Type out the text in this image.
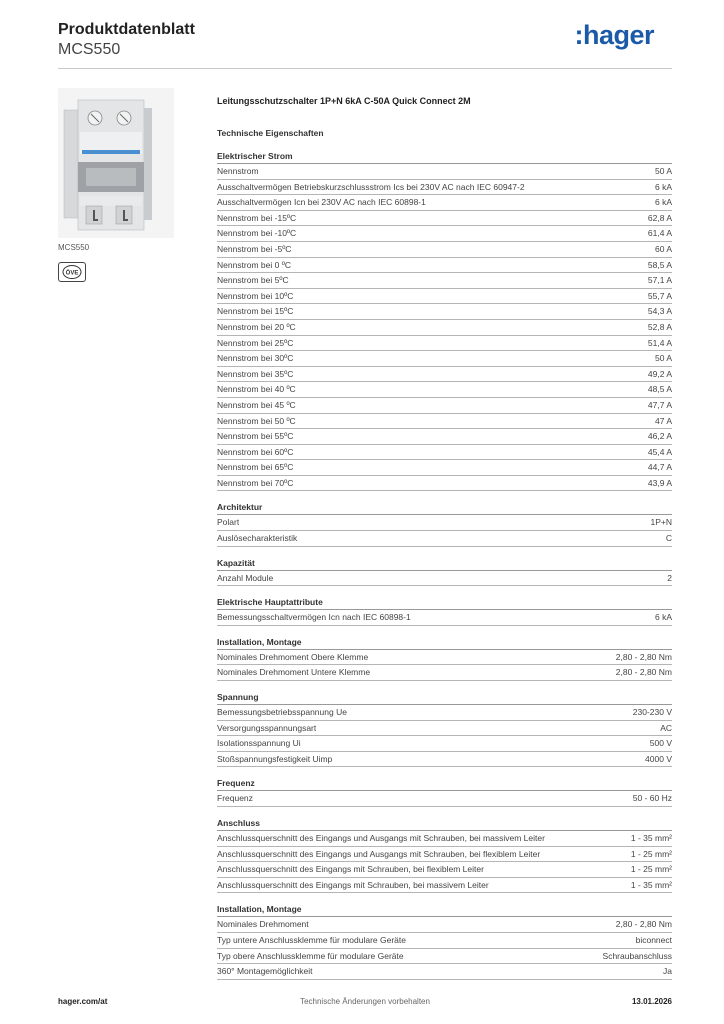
Produktdatenblatt
MCS550	:hager
MCS550
ÖVE
Leitungsschutzschalter 1P+N 6kA C-50A Quick Connect 2M
Technische Eigenschaften
Elektrischer Strom
Nennstrom	50 A
Ausschaltvermögen Betriebskurzschlussstrom Ics bei 230V AC nach IEC 60947-2	6 kA
Ausschaltvermögen Icn bei 230V AC nach IEC 60898-1	6 kA
Nennstrom bei -15ºC	62,8 A
Nennstrom bei -10ºC	61,4 A
Nennstrom bei -5ºC	60 A
Nennstrom bei 0 ºC	58,5 A
Nennstrom bei 5ºC	57,1 A
Nennstrom bei 10ºC	55,7 A
Nennstrom bei 15ºC	54,3 A
Nennstrom bei 20 ºC	52,8 A
Nennstrom bei 25ºC	51,4 A
Nennstrom bei 30ºC	50 A
Nennstrom bei 35ºC	49,2 A
Nennstrom bei 40 ºC	48,5 A
Nennstrom bei 45 ºC	47,7 A
Nennstrom bei 50 ºC	47 A
Nennstrom bei 55ºC	46,2 A
Nennstrom bei 60ºC	45,4 A
Nennstrom bei 65ºC	44,7 A
Nennstrom bei 70ºC	43,9 A
Architektur
Polart	1P+N
Auslösecharakteristik	C
Kapazität
Anzahl Module	2
Elektrische Hauptattribute
Bemessungsschaltvermögen Icn nach IEC 60898-1	6 kA
Installation, Montage
Nominales Drehmoment Obere Klemme	2,80 - 2,80 Nm
Nominales Drehmoment Untere Klemme	2,80 - 2,80 Nm
Spannung
Bemessungsbetriebsspannung Ue	230-230 V
Versorgungsspannungsart	AC
Isolationsspannung Ui	500 V
Stoßspannungsfestigkeit Uimp	4000 V
Frequenz
Frequenz	50 - 60 Hz
Anschluss
Anschlussquerschnitt des Eingangs und Ausgangs mit Schrauben, bei massivem Leiter	1 - 35 mm²
Anschlussquerschnitt des Eingangs und Ausgangs mit Schrauben, bei flexiblem Leiter	1 - 25 mm²
Anschlussquerschnitt des Eingangs mit Schrauben, bei flexiblem Leiter	1 - 25 mm²
Anschlussquerschnitt des Eingangs mit Schrauben, bei massivem Leiter	1 - 35 mm²
Installation, Montage
Nominales Drehmoment	2,80 - 2,80 Nm
Typ untere Anschlussklemme für modulare Geräte	biconnect
Typ obere Anschlussklemme für modulare Geräte	Schraubanschluss
360° Montagemöglichkeit	Ja
Technische Änderungen vorbehalten
hager.com/at	13.01.2026
